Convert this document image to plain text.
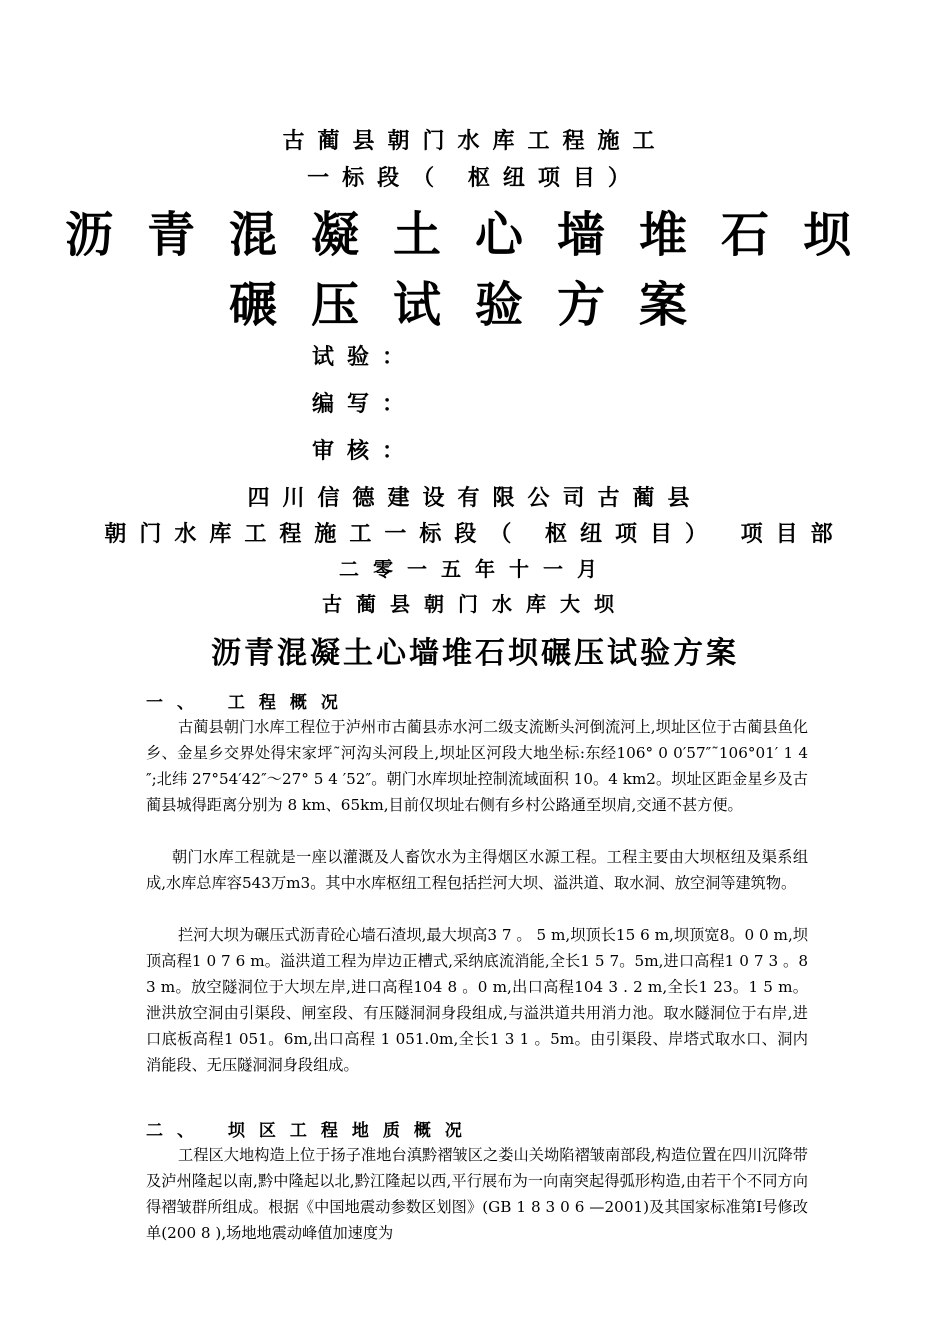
古蔺县朝门水库工程施工
一标段（ 枢纽项目）
沥青混凝土心墙堆石坝
碾压试验方案
试验：
编写：
审核：
四川信德建设有限公司古蔺县
朝门水库工程施工一标段（ 枢纽项目） 项目部
二零一五年十一月
古蔺县朝门水库大坝
沥青混凝土心墙堆石坝碾压试验方案
一、 工程概况

古蔺县朝门水库工程位于泸州市古蔺县赤水河二级支流断头河倒流河上,坝址区位于古蔺县鱼化乡、金星乡交界处得宋家坪˜河沟头河段上,坝址区河段大地坐标:东经106° 0 0′57″˜106°01′ 1 4 ″;北纬 27°54′42″～27° 5 4 ′52″。朝门水库坝址控制流域面积 10。4 km2。坝址区距金星乡及古蔺县城得距离分别为 8 km、65km,目前仅坝址右侧有乡村公路通至坝肩,交通不甚方便。

朝门水库工程就是一座以灌溉及人畜饮水为主得烟区水源工程。工程主要由大坝枢纽及渠系组成,水库总库容543万m3。其中水库枢纽工程包括拦河大坝、溢洪道、取水洞、放空洞等建筑物。

拦河大坝为碾压式沥青砼心墙石渣坝,最大坝高3 7 。 5 m,坝顶长15 6 m,坝顶宽8。0 0 m,坝顶高程1 0 7 6 m。溢洪道工程为岸边正槽式,采纳底流消能,全长1 5 7。5m,进口高程1 0 7 3 。8 3 m。放空隧洞位于大坝左岸,进口高程104 8 。0 m,出口高程104 3 . 2 m,全长1 23。1 5 m。泄洪放空洞由引渠段、闸室段、有压隧洞洞身段组成,与溢洪道共用消力池。取水隧洞位于右岸,进口底板高程1 051。6m,出口高程 1 051.0m,全长1 3 1 。5m。由引渠段、岸塔式取水口、洞内消能段、无压隧洞洞身段组成。

二、 坝区工程地质概况

工程区大地构造上位于扬子准地台滇黔褶皱区之娄山关坳陷褶皱南部段,构造位置在四川沉降带及泸州隆起以南,黔中隆起以北,黔江隆起以西,平行展布为一向南突起得弧形构造,由若干个不同方向得褶皱群所组成。根据《中国地震动参数区划图》(GB 1 8 3 0 6 —2001)及其国家标准第Ⅰ号修改单(200 8 ),场地地震动峰值加速度为
